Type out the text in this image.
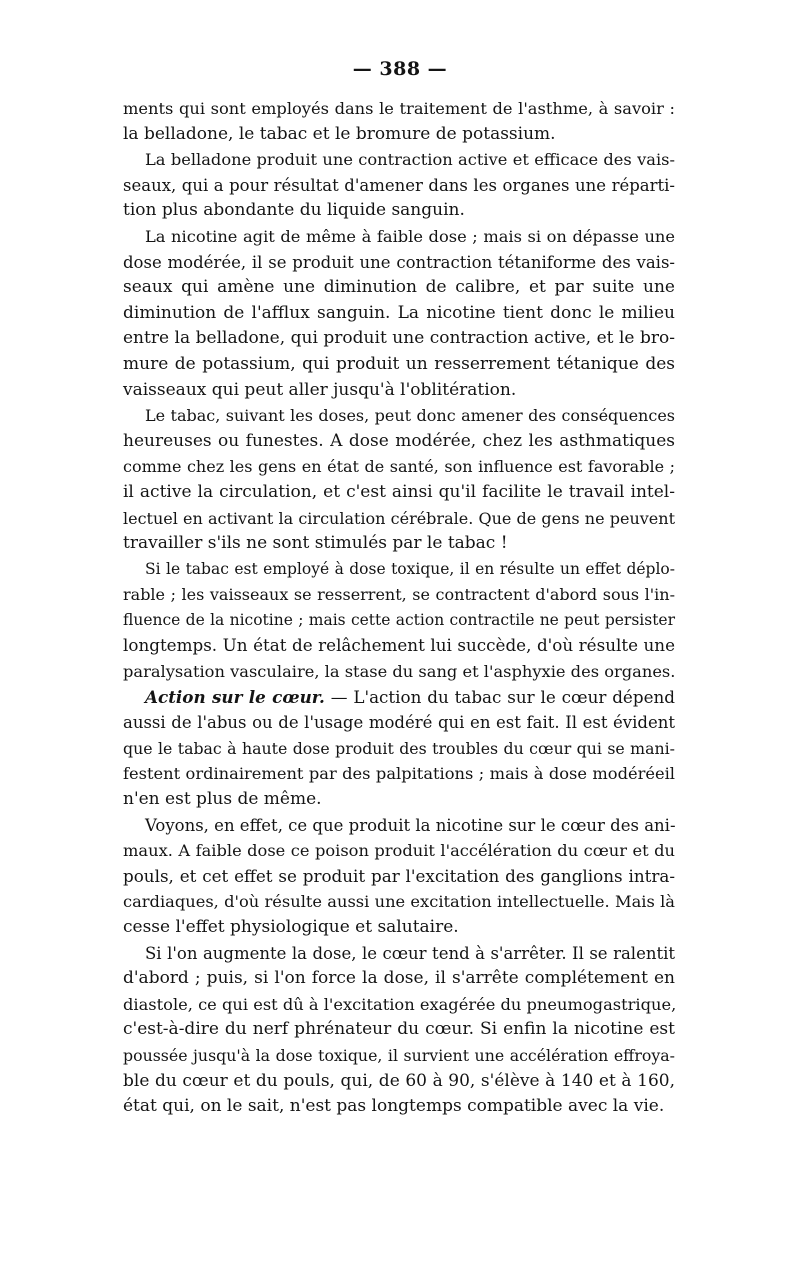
— 388 —
ments qui sont employés dans le traitement de l'asthme, à savoir :
la belladone, le tabac et le bromure de potassium.
La belladone produit une contraction active et efficace des vais-
seaux, qui a pour résultat d'amener dans les organes une réparti-
tion plus abondante du liquide sanguin.
La nicotine agit de même à faible dose ; mais si on dépasse une
dose modérée, il se produit une contraction tétaniforme des vais-
seaux qui amène une diminution de calibre, et par suite une
diminution de l'afflux sanguin. La nicotine tient donc le milieu
entre la belladone, qui produit une contraction active, et le bro-
mure de potassium, qui produit un resserrement tétanique des
vaisseaux qui peut aller jusqu'à l'oblitération.
Le tabac, suivant les doses, peut donc amener des conséquences
heureuses ou funestes. A dose modérée, chez les asthmatiques
comme chez les gens en état de santé, son influence est favorable ;
il active la circulation, et c'est ainsi qu'il facilite le travail intel-
lectuel en activant la circulation cérébrale. Que de gens ne peuvent
travailler s'ils ne sont stimulés par le tabac !
Si le tabac est employé à dose toxique, il en résulte un effet déplo-
rable ; les vaisseaux se resserrent, se contractent d'abord sous l'in-
fluence de la nicotine ; mais cette action contractile ne peut persister
longtemps. Un état de relâchement lui succède, d'où résulte une
paralysation vasculaire, la stase du sang et l'asphyxie des organes.
Action sur le cœur. — L'action du tabac sur le cœur dépend
aussi de l'abus ou de l'usage modéré qui en est fait. Il est évident
que le tabac à haute dose produit des troubles du cœur qui se mani-
festent ordinairement par des palpitations ; mais à dose modéréeil
n'en est plus de même.
Voyons, en effet, ce que produit la nicotine sur le cœur des ani-
maux. A faible dose ce poison produit l'accélération du cœur et du
pouls, et cet effet se produit par l'excitation des ganglions intra-
cardiaques, d'où résulte aussi une excitation intellectuelle. Mais là
cesse l'effet physiologique et salutaire.
Si l'on augmente la dose, le cœur tend à s'arrêter. Il se ralentit
d'abord ; puis, si l'on force la dose, il s'arrête complétement en
diastole, ce qui est dû à l'excitation exagérée du pneumogastrique,
c'est-à-dire du nerf phrénateur du cœur. Si enfin la nicotine est
poussée jusqu'à la dose toxique, il survient une accélération effroya-
ble du cœur et du pouls, qui, de 60 à 90, s'élève à 140 et à 160,
état qui, on le sait, n'est pas longtemps compatible avec la vie.
